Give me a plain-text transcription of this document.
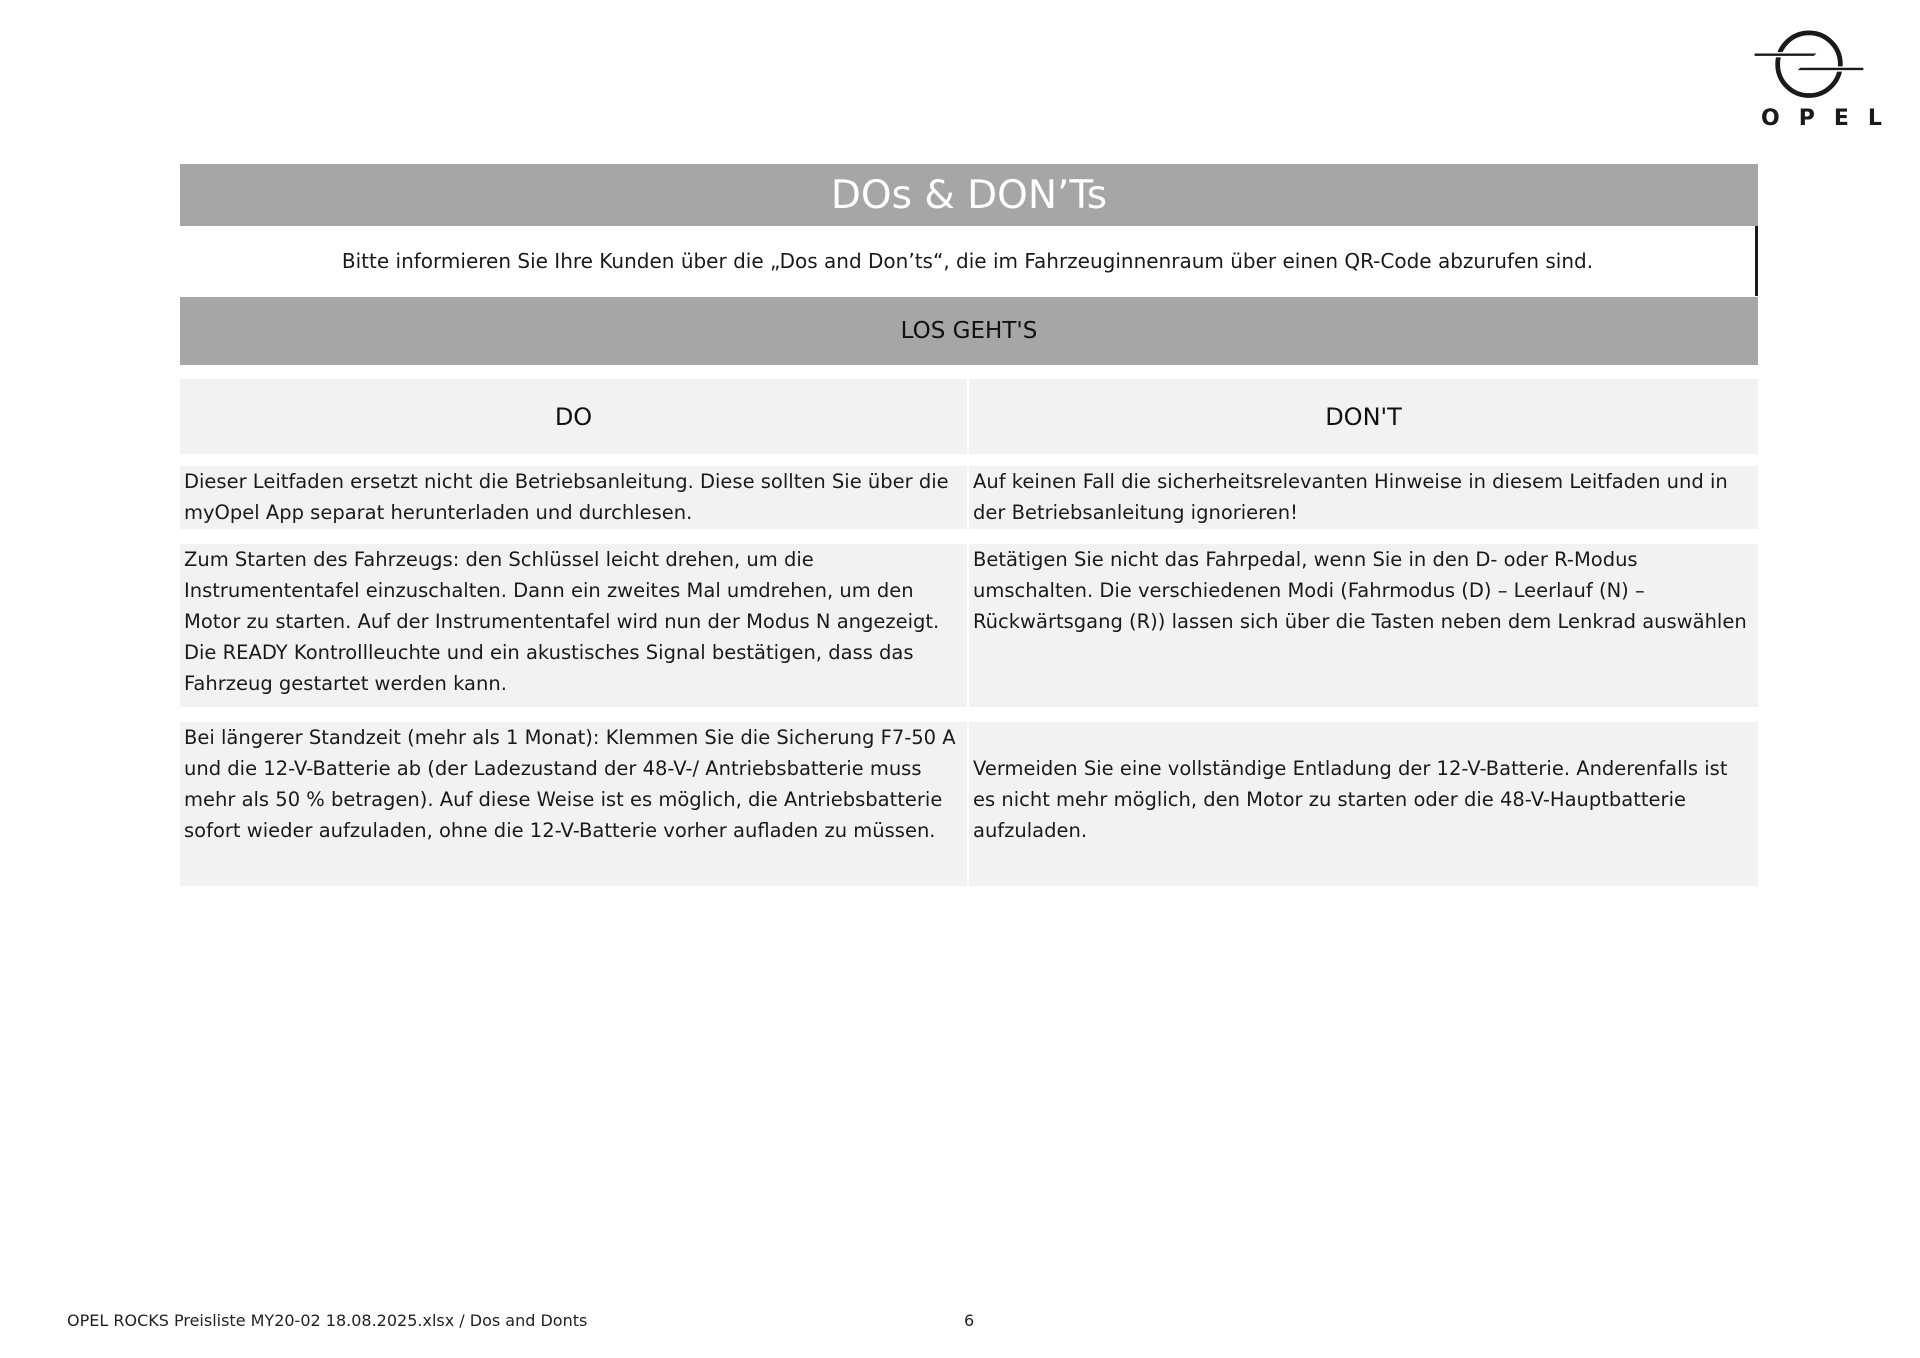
OPEL
DOs & DON’Ts
Bitte informieren Sie Ihre Kunden über die „Dos and Don’ts“, die im Fahrzeuginnenraum über einen QR-Code abzurufen sind.
LOS GEHT'S
DO	DON'T
Dieser Leitfaden ersetzt nicht die Betriebsanleitung. Diese sollten Sie über die myOpel App separat herunterladen und durchlesen.
Auf keinen Fall die sicherheitsrelevanten Hinweise in diesem Leitfaden und in der Betriebsanleitung ignorieren!
Zum Starten des Fahrzeugs: den Schlüssel leicht drehen, um die Instrumententafel einzuschalten. Dann ein zweites Mal umdrehen, um den Motor zu starten. Auf der Instrumententafel wird nun der Modus N angezeigt. Die READY Kontrollleuchte und ein akustisches Signal bestätigen, dass das Fahrzeug gestartet werden kann.
Betätigen Sie nicht das Fahrpedal, wenn Sie in den D- oder R-Modus umschalten. Die verschiedenen Modi (Fahrmodus (D) – Leerlauf (N) – Rückwärtsgang (R)) lassen sich über die Tasten neben dem Lenkrad auswählen
Bei längerer Standzeit (mehr als 1 Monat): Klemmen Sie die Sicherung F7-50 A und die 12-V-Batterie ab (der Ladezustand der 48-V-/ Antriebsbatterie muss mehr als 50 % betragen). Auf diese Weise ist es möglich, die Antriebsbatterie sofort wieder aufzuladen, ohne die 12-V-Batterie vorher aufladen zu müssen.
Vermeiden Sie eine vollständige Entladung der 12-V-Batterie. Anderenfalls ist es nicht mehr möglich, den Motor zu starten oder die 48-V-Hauptbatterie aufzuladen.
OPEL ROCKS Preisliste MY20-02 18.08.2025.xlsx / Dos and Donts	6
